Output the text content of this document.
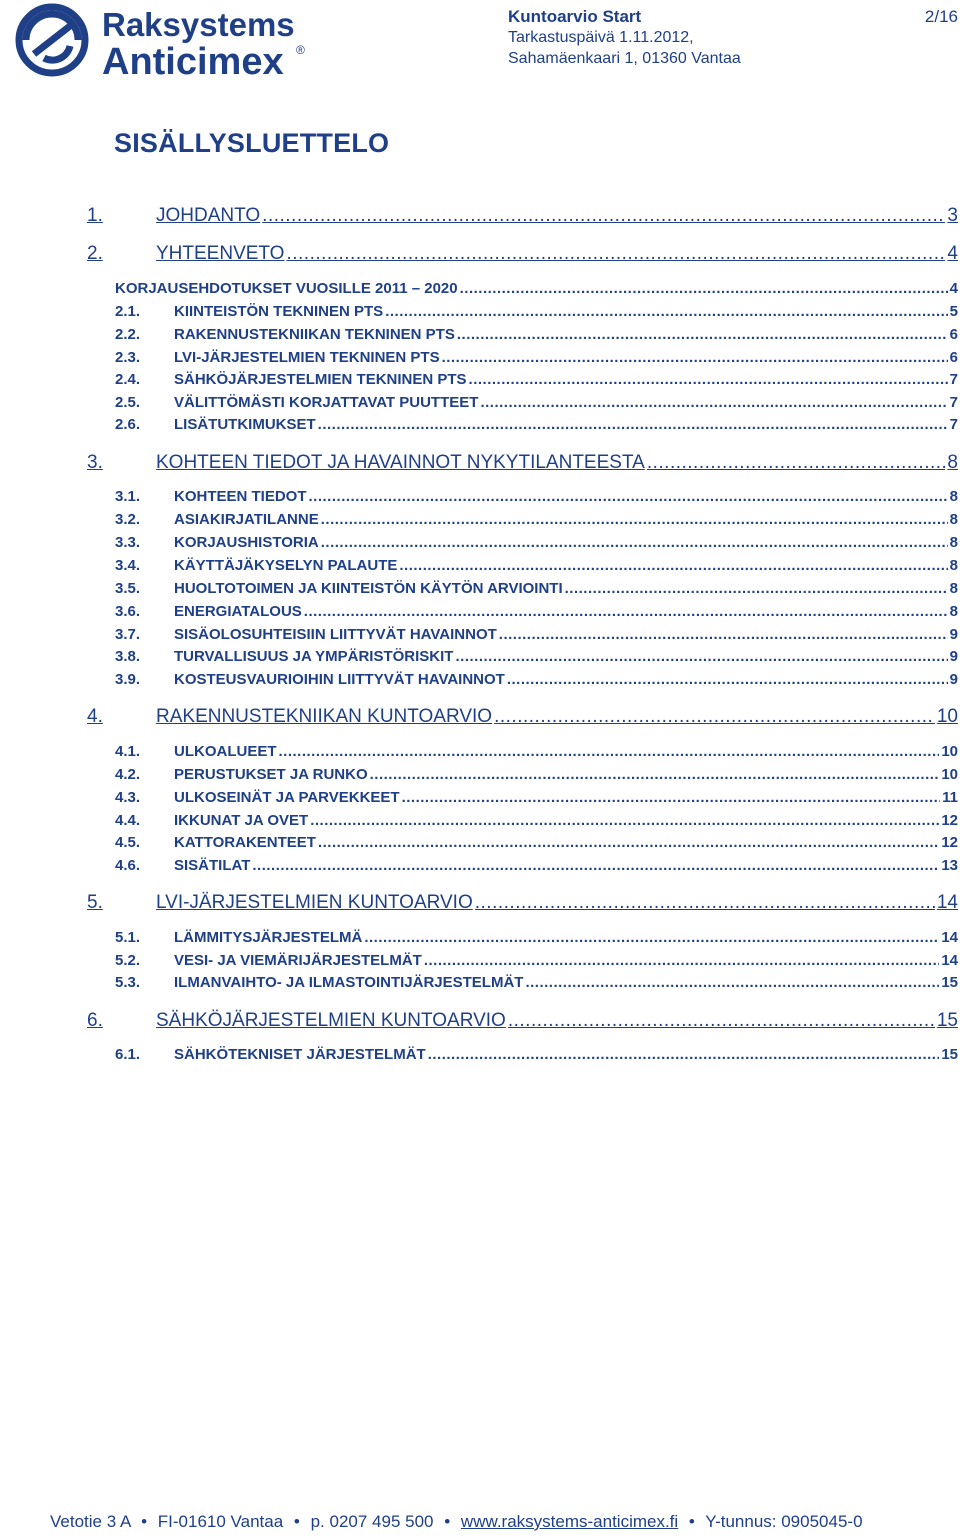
Raksystems
Anticimex ®
Kuntoarvio Start
Tarkastuspäivä 1.11.2012,
Sahamäenkaari 1, 01360 Vantaa
2/16
SISÄLLYSLUETTELO
1.	JOHDANTO .....	3
2.	YHTEENVETO .....	4
KORJAUSEHDOTUKSET VUOSILLE 2011 – 2020 .....	4
2.1. KIINTEISTÖN TEKNINEN PTS .....	5
2.2. RAKENNUSTEKNIIKAN TEKNINEN PTS .....	6
2.3. LVI-JÄRJESTELMIEN TEKNINEN PTS .....	6
2.4. SÄHKÖJÄRJESTELMIEN TEKNINEN PTS .....	7
2.5. VÄLITTÖMÄSTI KORJATTAVAT PUUTTEET .....	7
2.6. LISÄTUTKIMUKSET .....	7
3.	KOHTEEN TIEDOT JA HAVAINNOT NYKYTILANTEESTA .....	8
3.1. KOHTEEN TIEDOT .....	8
3.2. ASIAKIRJATILANNE .....	8
3.3. KORJAUSHISTORIA .....	8
3.4. KÄYTTÄJÄKYSELYN PALAUTE .....	8
3.5. HUOLTOTOIMEN JA KIINTEISTÖN KÄYTÖN ARVIOINTI .....	8
3.6. ENERGIATALOUS .....	8
3.7. SISÄOLOSUHTEISIIN LIITTYVÄT HAVAINNOT .....	9
3.8. TURVALLISUUS JA YMPÄRISTÖRISKIT .....	9
3.9. KOSTEUSVAURIOIHIN LIITTYVÄT HAVAINNOT .....	9
4.	RAKENNUSTEKNIIKAN KUNTOARVIO .....	10
4.1. ULKOALUEET .....	10
4.2. PERUSTUKSET JA RUNKO .....	10
4.3. ULKOSEINÄT JA PARVEKKEET .....	11
4.4. IKKUNAT JA OVET .....	12
4.5. KATTORAKENTEET .....	12
4.6. SISÄTILAT .....	13
5.	LVI-JÄRJESTELMIEN KUNTOARVIO .....	14
5.1. LÄMMITYSJÄRJESTELMÄ .....	14
5.2. VESI- JA VIEMÄRIJÄRJESTELMÄT .....	14
5.3. ILMANVAIHTO- JA ILMASTOINTIJÄRJESTELMÄT .....	15
6.	SÄHKÖJÄRJESTELMIEN KUNTOARVIO .....	15
6.1. SÄHKÖTEKNISET JÄRJESTELMÄT .....	15
Vetotie 3 A • FI-01610 Vantaa • p. 0207 495 500 • www.raksystems-anticimex.fi • Y-tunnus: 0905045-0
